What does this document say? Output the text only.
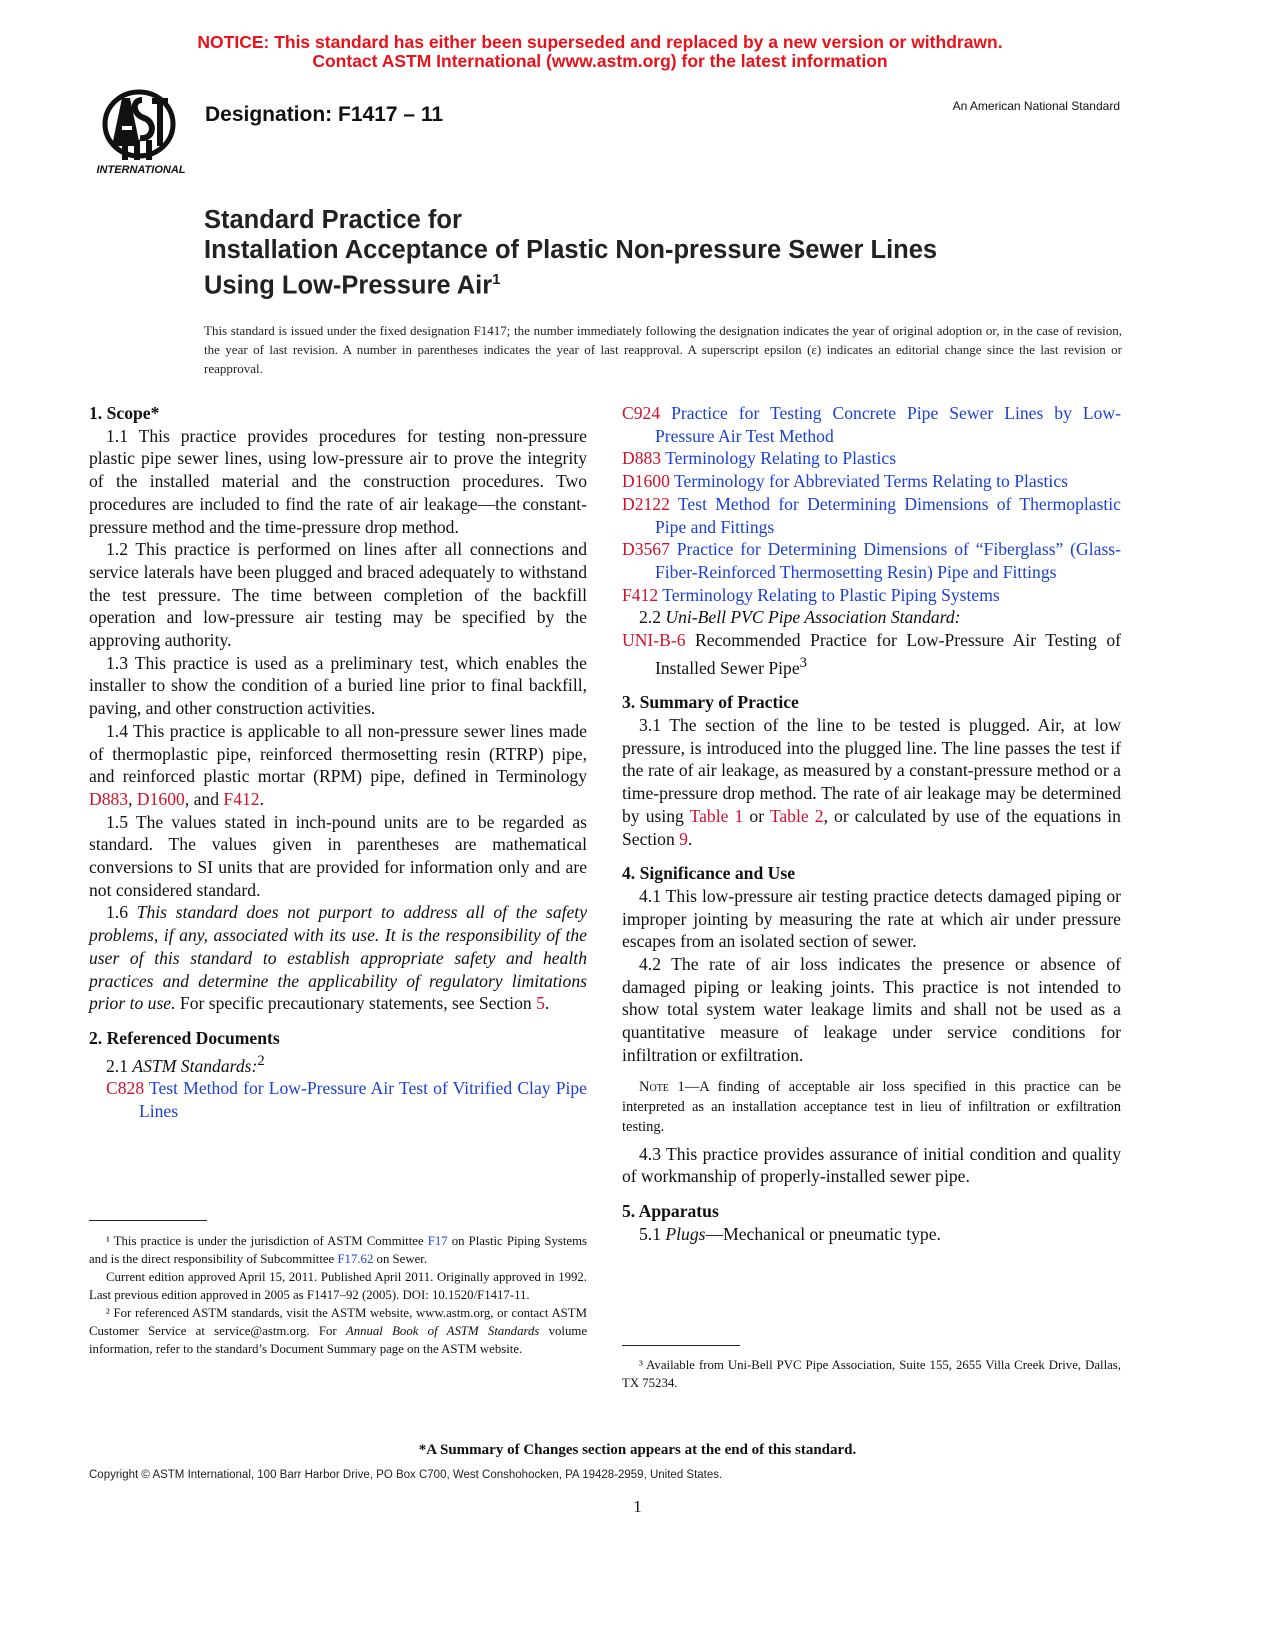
NOTICE: This standard has either been superseded and replaced by a new version or withdrawn.
Contact ASTM International (www.astm.org) for the latest information
INTERNATIONAL
Designation: F1417 – 11	An American National Standard
Standard Practice for
Installation Acceptance of Plastic Non-pressure Sewer Lines
Using Low-Pressure Air$^1$
This standard is issued under the fixed designation F1417; the number immediately following the designation indicates the year of original adoption or, in the case of revision, the year of last revision. A number in parentheses indicates the year of last reapproval. A superscript epsilon (ε) indicates an editorial change since the last revision or reapproval.
1. Scope*

1.1 This practice provides procedures for testing non-pressure plastic pipe sewer lines, using low-pressure air to prove the integrity of the installed material and the construction procedures. Two procedures are included to find the rate of air leakage—the constant-pressure method and the time-pressure drop method.

1.2 This practice is performed on lines after all connections and service laterals have been plugged and braced adequately to withstand the test pressure. The time between completion of the backfill operation and low-pressure air testing may be specified by the approving authority.

1.3 This practice is used as a preliminary test, which enables the installer to show the condition of a buried line prior to final backfill, paving, and other construction activities.

1.4 This practice is applicable to all non-pressure sewer lines made of thermoplastic pipe, reinforced thermosetting resin (RTRP) pipe, and reinforced plastic mortar (RPM) pipe, defined in Terminology D883, D1600, and F412.

1.5 The values stated in inch-pound units are to be regarded as standard. The values given in parentheses are mathematical conversions to SI units that are provided for information only and are not considered standard.

1.6 This standard does not purport to address all of the safety problems, if any, associated with its use. It is the responsibility of the user of this standard to establish appropriate safety and health practices and determine the applicability of regulatory limitations prior to use. For specific precautionary statements, see Section 5.

2. Referenced Documents

2.1 ASTM Standards:$^2$

C828 Test Method for Low-Pressure Air Test of Vitrified Clay Pipe Lines

¹ This practice is under the jurisdiction of ASTM Committee F17 on Plastic Piping Systems and is the direct responsibility of Subcommittee F17.62 on Sewer.
Current edition approved April 15, 2011. Published April 2011. Originally approved in 1992. Last previous edition approved in 2005 as F1417–92 (2005). DOI: 10.1520/F1417-11.
² For referenced ASTM standards, visit the ASTM website, www.astm.org, or contact ASTM Customer Service at service@astm.org. For Annual Book of ASTM Standards volume information, refer to the standard’s Document Summary page on the ASTM website.

C924 Practice for Testing Concrete Pipe Sewer Lines by Low-Pressure Air Test Method

D883 Terminology Relating to Plastics

D1600 Terminology for Abbreviated Terms Relating to Plastics

D2122 Test Method for Determining Dimensions of Thermoplastic Pipe and Fittings

D3567 Practice for Determining Dimensions of “Fiberglass” (Glass-Fiber-Reinforced Thermosetting Resin) Pipe and Fittings

F412 Terminology Relating to Plastic Piping Systems

2.2 Uni-Bell PVC Pipe Association Standard:

UNI-B-6 Recommended Practice for Low-Pressure Air Testing of Installed Sewer Pipe$^3$

3. Summary of Practice

3.1 The section of the line to be tested is plugged. Air, at low pressure, is introduced into the plugged line. The line passes the test if the rate of air leakage, as measured by a constant-pressure method or a time-pressure drop method. The rate of air leakage may be determined by using Table 1 or Table 2, or calculated by use of the equations in Section 9.

4. Significance and Use

4.1 This low-pressure air testing practice detects damaged piping or improper jointing by measuring the rate at which air under pressure escapes from an isolated section of sewer.

4.2 The rate of air loss indicates the presence or absence of damaged piping or leaking joints. This practice is not intended to show total system water leakage limits and shall not be used as a quantitative measure of leakage under service conditions for infiltration or exfiltration.

Note 1—A finding of acceptable air loss specified in this practice can be interpreted as an installation acceptance test in lieu of infiltration or exfiltration testing.

4.3 This practice provides assurance of initial condition and quality of workmanship of properly-installed sewer pipe.

5. Apparatus

5.1 Plugs—Mechanical or pneumatic type.

³ Available from Uni-Bell PVC Pipe Association, Suite 155, 2655 Villa Creek Drive, Dallas, TX 75234.
*A Summary of Changes section appears at the end of this standard.
Copyright © ASTM International, 100 Barr Harbor Drive, PO Box C700, West Conshohocken, PA 19428-2959, United States.
1
